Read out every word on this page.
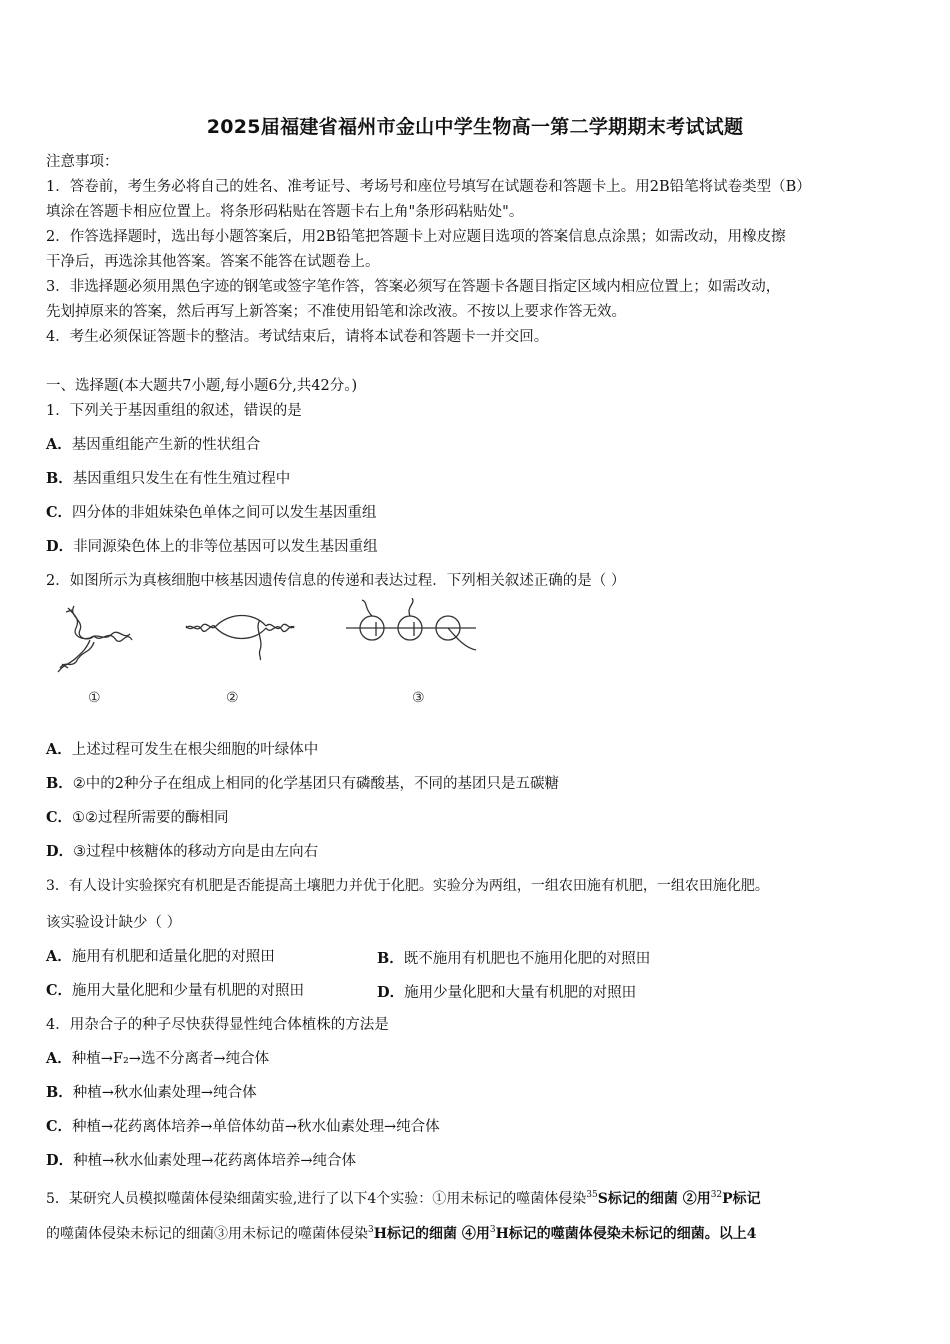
2025届福建省福州市金山中学生物高一第二学期期末考试试题
注意事项：
1．答卷前，考生务必将自己的姓名、准考证号、考场号和座位号填写在试题卷和答题卡上。用2B铅笔将试卷类型（B）
填涂在答题卡相应位置上。将条形码粘贴在答题卡右上角"条形码粘贴处"。
2．作答选择题时，选出每小题答案后，用2B铅笔把答题卡上对应题目选项的答案信息点涂黑；如需改动，用橡皮擦
干净后，再选涂其他答案。答案不能答在试题卷上。
3．非选择题必须用黑色字迹的钢笔或签字笔作答，答案必须写在答题卡各题目指定区域内相应位置上；如需改动，
先划掉原来的答案，然后再写上新答案；不准使用铅笔和涂改液。不按以上要求作答无效。
4．考生必须保证答题卡的整洁。考试结束后，请将本试卷和答题卡一并交回。
一、选择题(本大题共7小题,每小题6分,共42分。)
1．下列关于基因重组的叙述，错误的是
A．基因重组能产生新的性状组合
B．基因重组只发生在有性生殖过程中
C．四分体的非姐妹染色单体之间可以发生基因重组
D．非同源染色体上的非等位基因可以发生基因重组
2．如图所示为真核细胞中核基因遗传信息的传递和表达过程．下列相关叙述正确的是（ ）
①	②	③
A．上述过程可发生在根尖细胞的叶绿体中
B．②中的2种分子在组成上相同的化学基团只有磷酸基，不同的基团只是五碳糖
C．①②过程所需要的酶相同
D．③过程中核糖体的移动方向是由左向右
3．有人设计实验探究有机肥是否能提高土壤肥力并优于化肥。实验分为两组，一组农田施有机肥，一组农田施化肥。
该实验设计缺少（ ）
A．施用有机肥和适量化肥的对照田	B．既不施用有机肥也不施用化肥的对照田
C．施用大量化肥和少量有机肥的对照田	D．施用少量化肥和大量有机肥的对照田
4．用杂合子的种子尽快获得显性纯合体植株的方法是
A．种植→F₂→选不分离者→纯合体
B．种植→秋水仙素处理→纯合体
C．种植→花药离体培养→单倍体幼苗→秋水仙素处理→纯合体
D．种植→秋水仙素处理→花药离体培养→纯合体
5．某研究人员模拟噬菌体侵染细菌实验,进行了以下4个实验：①用未标记的噬菌体侵染$^{35}$S标记的细菌 ②用$^{32}$P标记
的噬菌体侵染未标记的细菌③用未标记的噬菌体侵染$^3$H标记的细菌 ④用$^3$H标记的噬菌体侵染未标记的细菌。以上4
